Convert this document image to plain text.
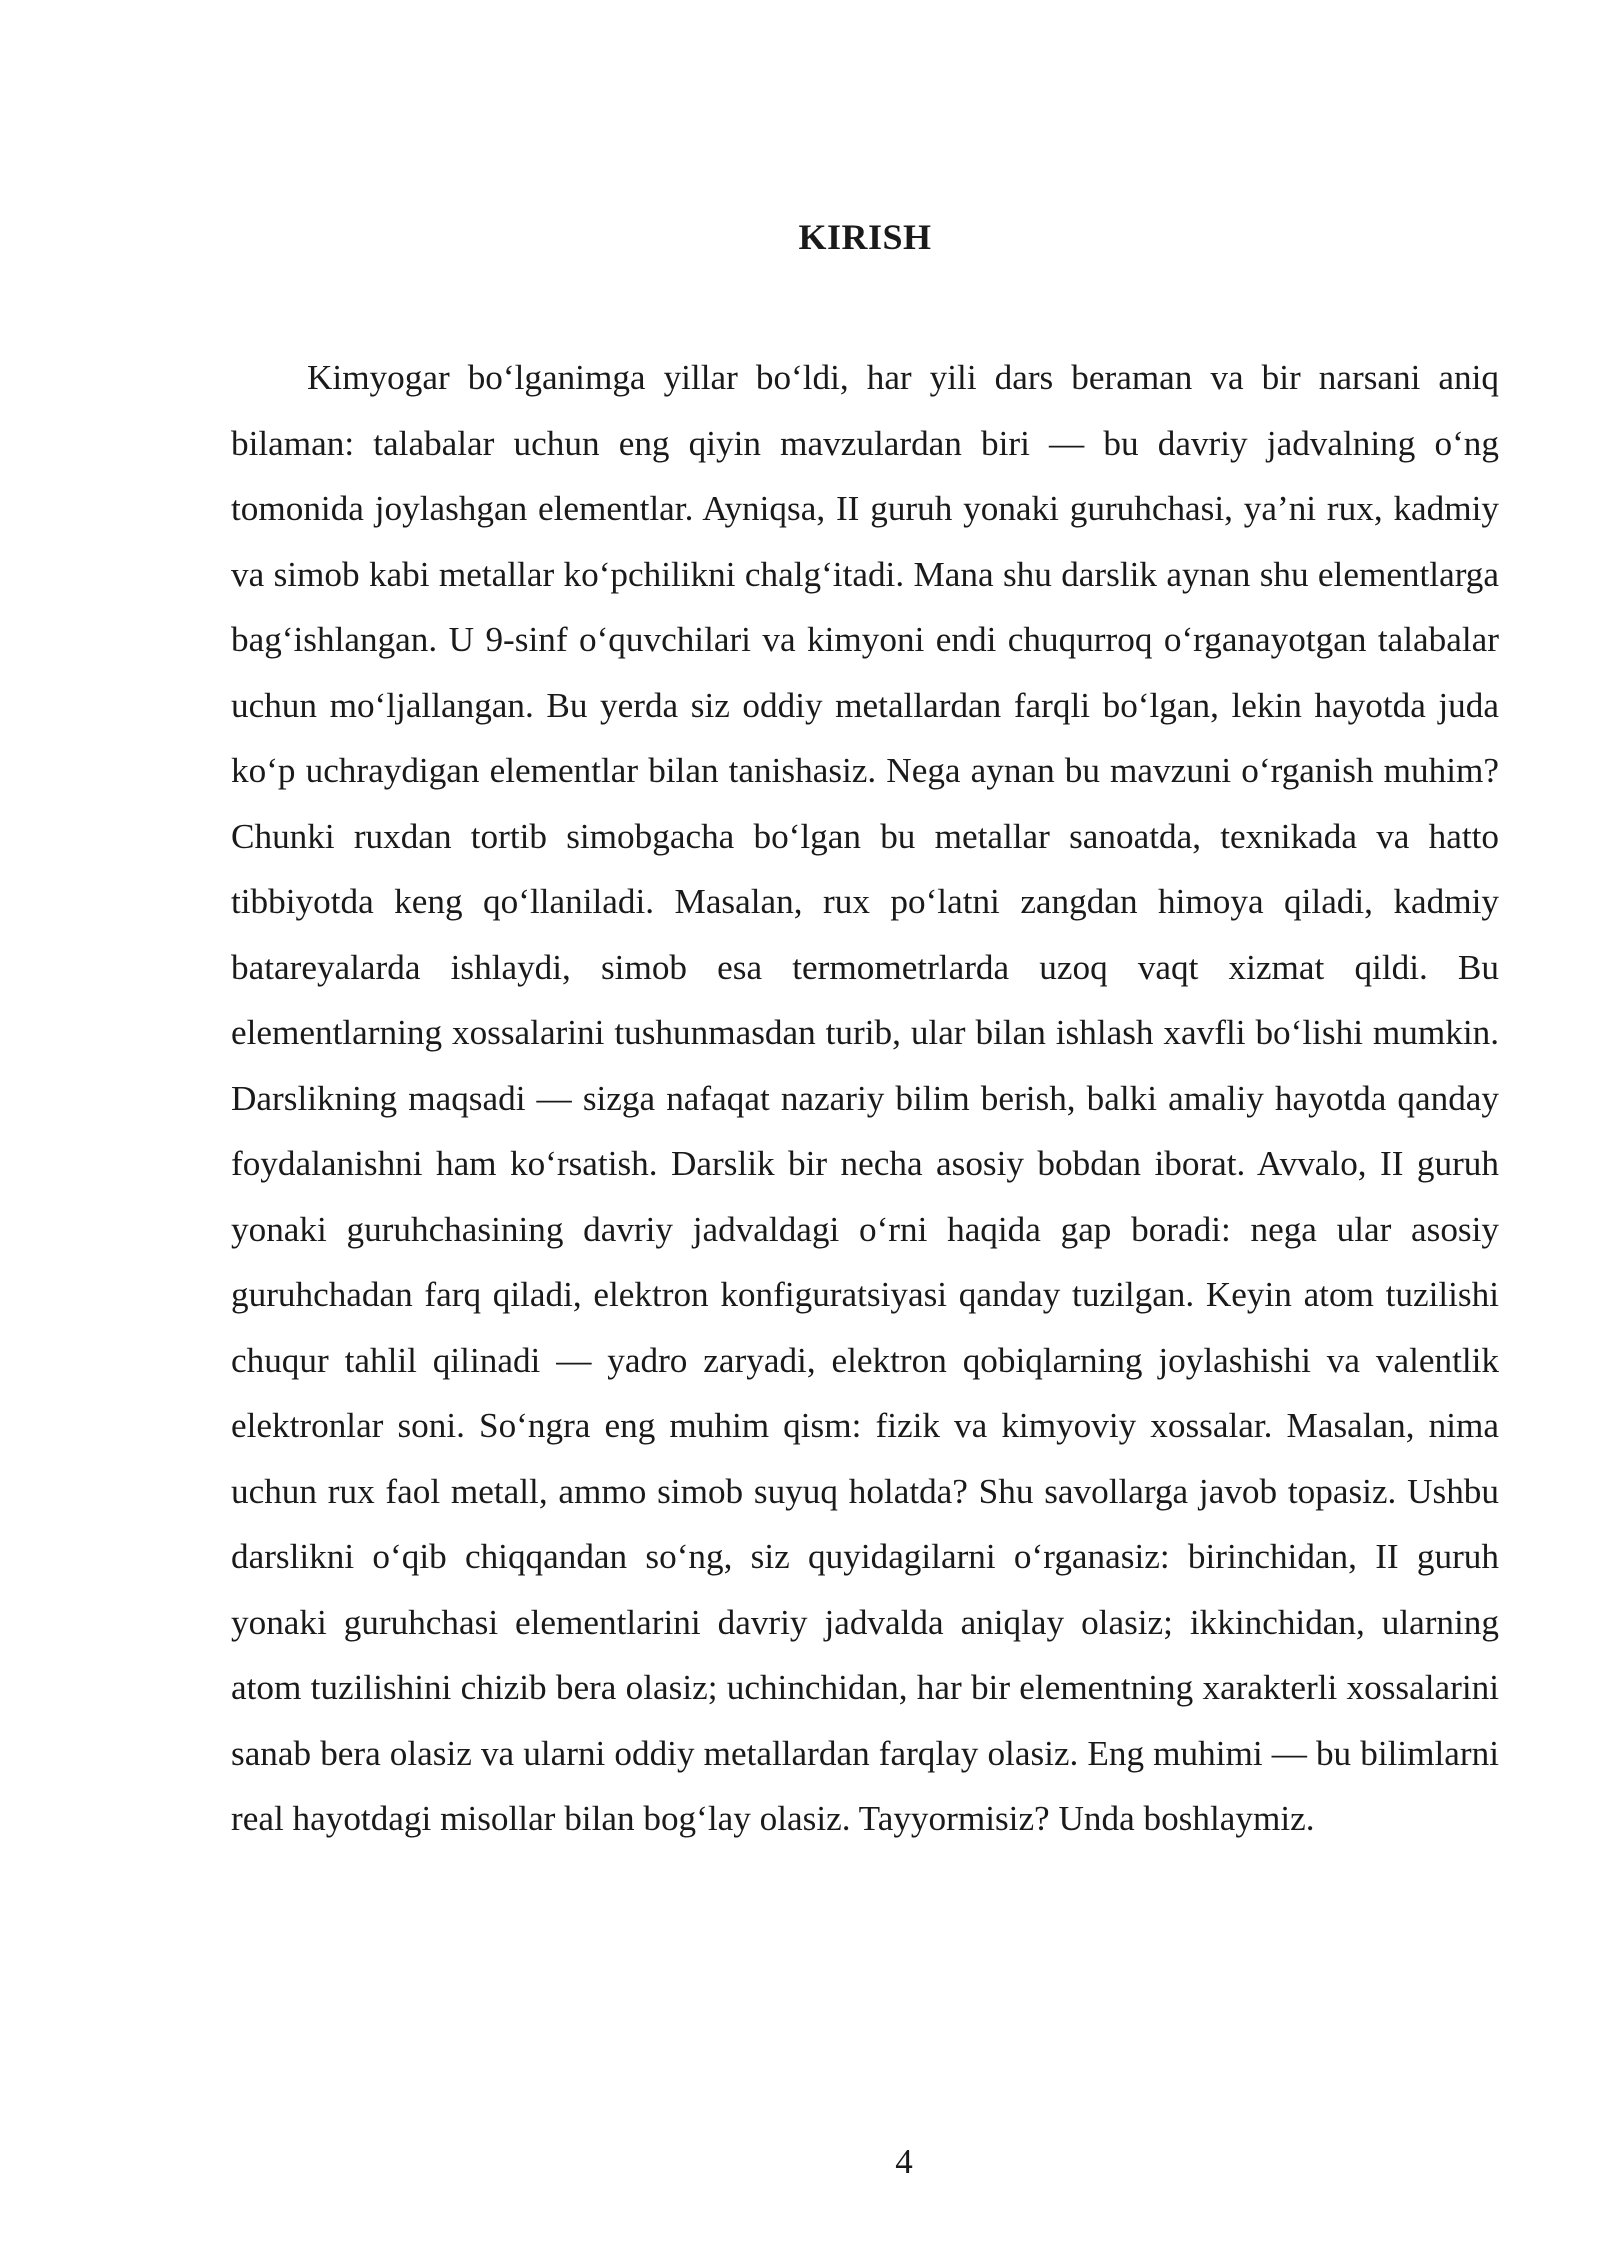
KIRISH

Kimyogar bo‘lganimga yillar bo‘ldi, har yili dars beraman va bir narsani aniq bilaman: talabalar uchun eng qiyin mavzulardan biri — bu davriy jadvalning o‘ng tomonida joylashgan elementlar. Ayniqsa, II guruh yonaki guruhchasi, ya’ni rux, kadmiy va simob kabi metallar ko‘pchilikni chalg‘itadi. Mana shu darslik aynan shu elementlarga bag‘ishlangan. U 9-sinf o‘quvchilari va kimyoni endi chuqurroq o‘rganayotgan talabalar uchun mo‘ljallangan. Bu yerda siz oddiy metallardan farqli bo‘lgan, lekin hayotda juda ko‘p uchraydigan elementlar bilan tanishasiz. Nega aynan bu mavzuni o‘rganish muhim? Chunki ruxdan tortib simobgacha bo‘lgan bu metallar sanoatda, texnikada va hatto tibbiyotda keng qo‘llaniladi. Masalan, rux po‘latni zangdan himoya qiladi, kadmiy batareyalarda ishlaydi, simob esa termometrlarda uzoq vaqt xizmat qildi. Bu elementlarning xossalarini tushunmasdan turib, ular bilan ishlash xavfli bo‘lishi mumkin. Darslikning maqsadi — sizga nafaqat nazariy bilim berish, balki amaliy hayotda qanday foydalanishni ham ko‘rsatish. Darslik bir necha asosiy bobdan iborat. Avvalo, II guruh yonaki guruhchasining davriy jadvaldagi o‘rni haqida gap boradi: nega ular asosiy guruhchadan farq qiladi, elektron konfiguratsiyasi qanday tuzilgan. Keyin atom tuzilishi chuqur tahlil qilinadi — yadro zaryadi, elektron qobiqlarning joylashishi va valentlik elektronlar soni. So‘ngra eng muhim qism: fizik va kimyoviy xossalar. Masalan, nima uchun rux faol metall, ammo simob suyuq holatda? Shu savollarga javob topasiz. Ushbu darslikni o‘qib chiqqandan so‘ng, siz quyidagilarni o‘rganasiz: birinchidan, II guruh yonaki guruhchasi elementlarini davriy jadvalda aniqlay olasiz; ikkinchidan, ularning atom tuzilishini chizib bera olasiz; uchinchidan, har bir elementning xarakterli xossalarini sanab bera olasiz va ularni oddiy metallardan farqlay olasiz. Eng muhimi — bu bilimlarni real hayotdagi misollar bilan bog‘lay olasiz. Tayyormisiz? Unda boshlaymiz.

4
